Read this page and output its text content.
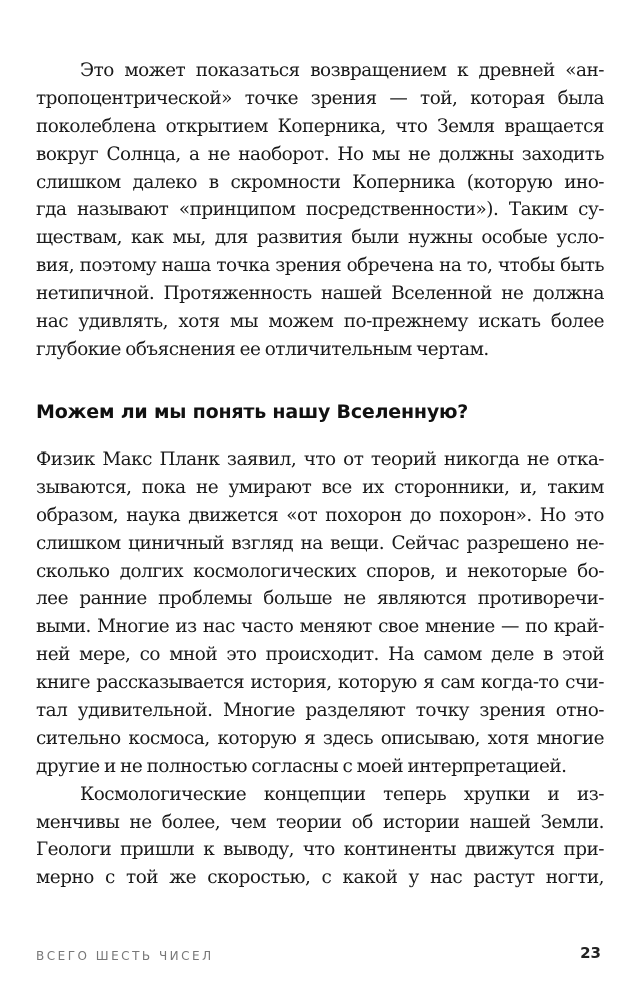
Это может показаться возвращением к древней «ан-
тропоцентрической» точке зрения — той, которая была
поколеблена открытием Коперника, что Земля вращается
вокруг Солнца, а не наоборот. Но мы не должны заходить
слишком далеко в скромности Коперника (которую ино-
гда называют «принципом посредственности»). Таким су-
ществам, как мы, для развития были нужны особые усло-
вия, поэтому наша точка зрения обречена на то, чтобы быть
нетипичной. Протяженность нашей Вселенной не должна
нас удивлять, хотя мы можем по-прежнему искать более
глубокие объяснения ее отличительным чертам.
Можем ли мы понять нашу Вселенную?
Физик Макс Планк заявил, что от теорий никогда не отка-
зываются, пока не умирают все их сторонники, и, таким
образом, наука движется «от похорон до похорон». Но это
слишком циничный взгляд на вещи. Сейчас разрешено не-
сколько долгих космологических споров, и некоторые бо-
лее ранние проблемы больше не являются противоречи-
выми. Многие из нас часто меняют свое мнение — по край-
ней мере, со мной это происходит. На самом деле в этой
книге рассказывается история, которую я сам когда-то счи-
тал удивительной. Многие разделяют точку зрения отно-
сительно космоса, которую я здесь описываю, хотя многие
другие и не полностью согласны с моей интерпретацией.
Космологические концепции теперь хрупки и из-
менчивы не более, чем теории об истории нашей Земли.
Геологи пришли к выводу, что континенты движутся при-
мерно с той же скоростью, с какой у нас растут ногти,
ВСЕГО ШЕСТЬ ЧИСЕЛ	23
